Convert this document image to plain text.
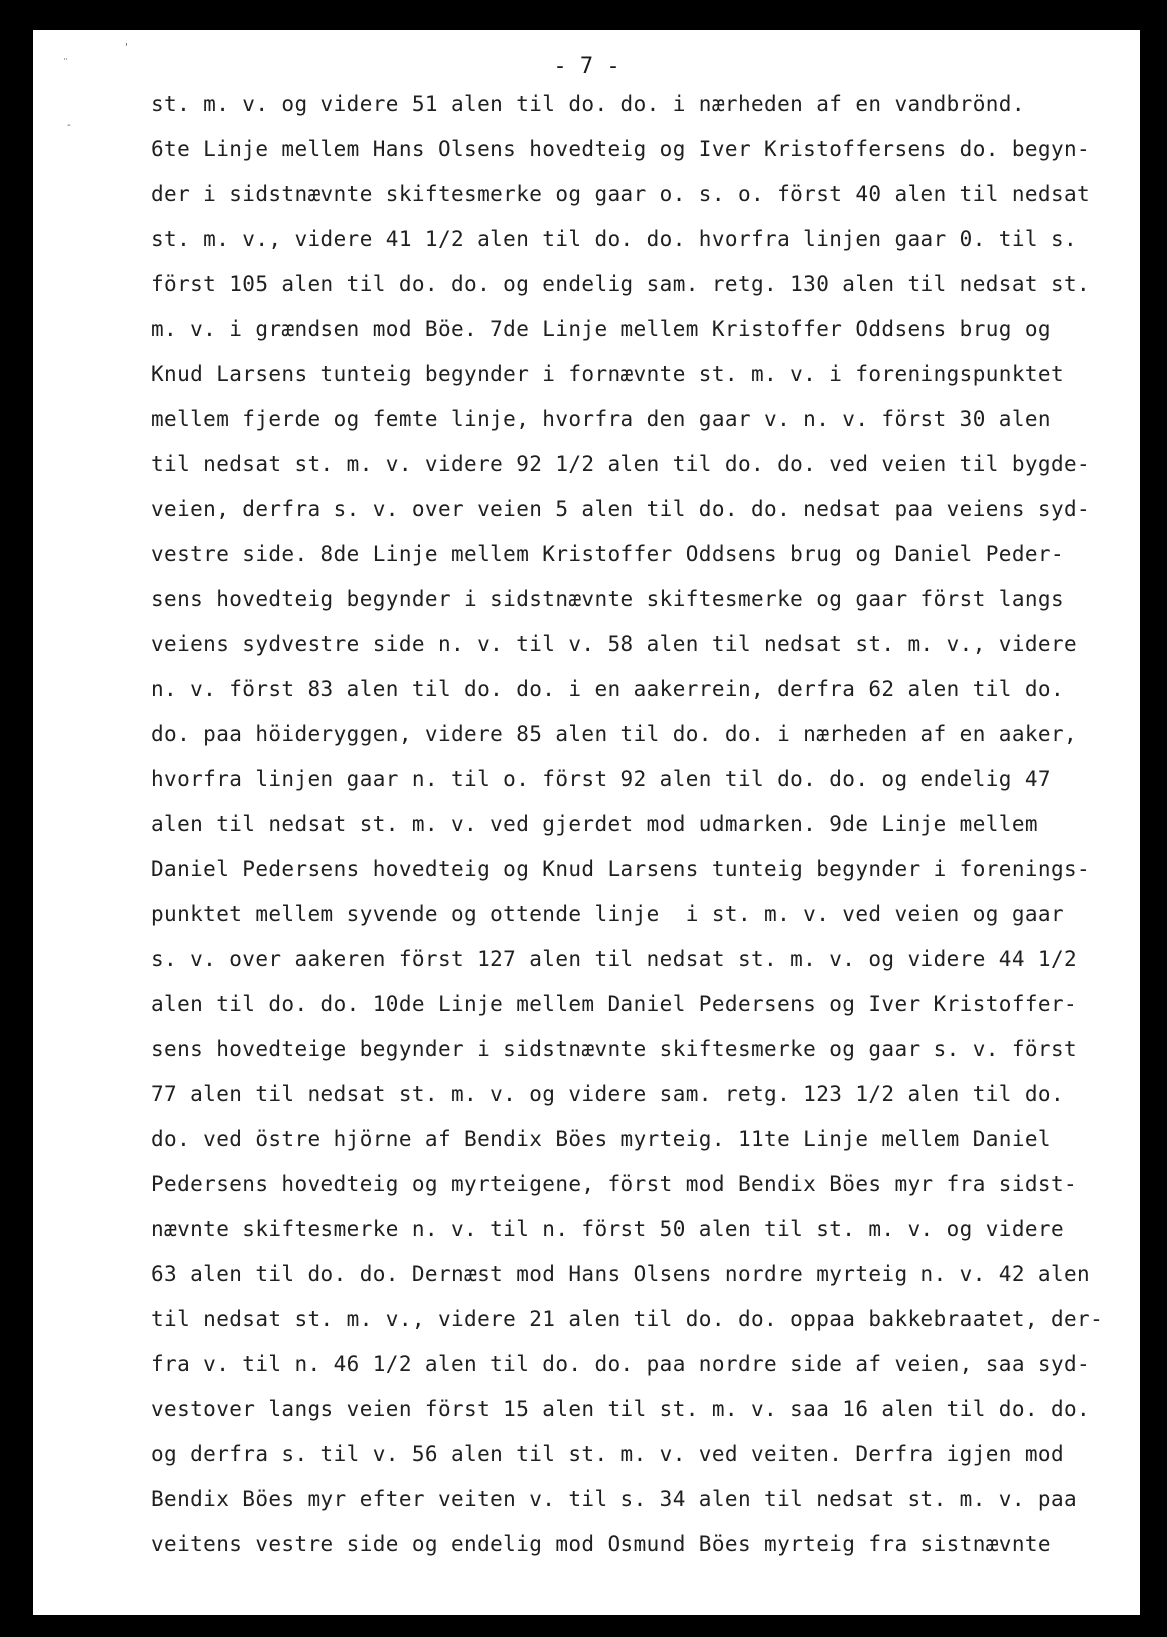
¨
'
-
- 7 -
st. m. v. og videre 51 alen til do. do. i nærheden af en vandbrönd.
6te Linje mellem Hans Olsens hovedteig og Iver Kristoffersens do. begyn-
der i sidstnævnte skiftesmerke og gaar o. s. o. först 40 alen til nedsat
st. m. v., videre 41 1/2 alen til do. do. hvorfra linjen gaar 0. til s.
först 105 alen til do. do. og endelig sam. retg. 130 alen til nedsat st.
m. v. i grændsen mod Böe. 7de Linje mellem Kristoffer Oddsens brug og
Knud Larsens tunteig begynder i fornævnte st. m. v. i foreningspunktet
mellem fjerde og femte linje, hvorfra den gaar v. n. v. först 30 alen
til nedsat st. m. v. videre 92 1/2 alen til do. do. ved veien til bygde-
veien, derfra s. v. over veien 5 alen til do. do. nedsat paa veiens syd-
vestre side. 8de Linje mellem Kristoffer Oddsens brug og Daniel Peder-
sens hovedteig begynder i sidstnævnte skiftesmerke og gaar först langs
veiens sydvestre side n. v. til v. 58 alen til nedsat st. m. v., videre
n. v. först 83 alen til do. do. i en aakerrein, derfra 62 alen til do.
do. paa höideryggen, videre 85 alen til do. do. i nærheden af en aaker,
hvorfra linjen gaar n. til o. först 92 alen til do. do. og endelig 47
alen til nedsat st. m. v. ved gjerdet mod udmarken. 9de Linje mellem
Daniel Pedersens hovedteig og Knud Larsens tunteig begynder i forenings-
punktet mellem syvende og ottende linje  i st. m. v. ved veien og gaar
s. v. over aakeren först 127 alen til nedsat st. m. v. og videre 44 1/2
alen til do. do. 10de Linje mellem Daniel Pedersens og Iver Kristoffer-
sens hovedteige begynder i sidstnævnte skiftesmerke og gaar s. v. först
77 alen til nedsat st. m. v. og videre sam. retg. 123 1/2 alen til do.
do. ved östre hjörne af Bendix Böes myrteig. 11te Linje mellem Daniel
Pedersens hovedteig og myrteigene, först mod Bendix Böes myr fra sidst-
nævnte skiftesmerke n. v. til n. först 50 alen til st. m. v. og videre
63 alen til do. do. Dernæst mod Hans Olsens nordre myrteig n. v. 42 alen
til nedsat st. m. v., videre 21 alen til do. do. oppaa bakkebraatet, der-
fra v. til n. 46 1/2 alen til do. do. paa nordre side af veien, saa syd-
vestover langs veien först 15 alen til st. m. v. saa 16 alen til do. do.
og derfra s. til v. 56 alen til st. m. v. ved veiten. Derfra igjen mod
Bendix Böes myr efter veiten v. til s. 34 alen til nedsat st. m. v. paa
veitens vestre side og endelig mod Osmund Böes myrteig fra sistnævnte
